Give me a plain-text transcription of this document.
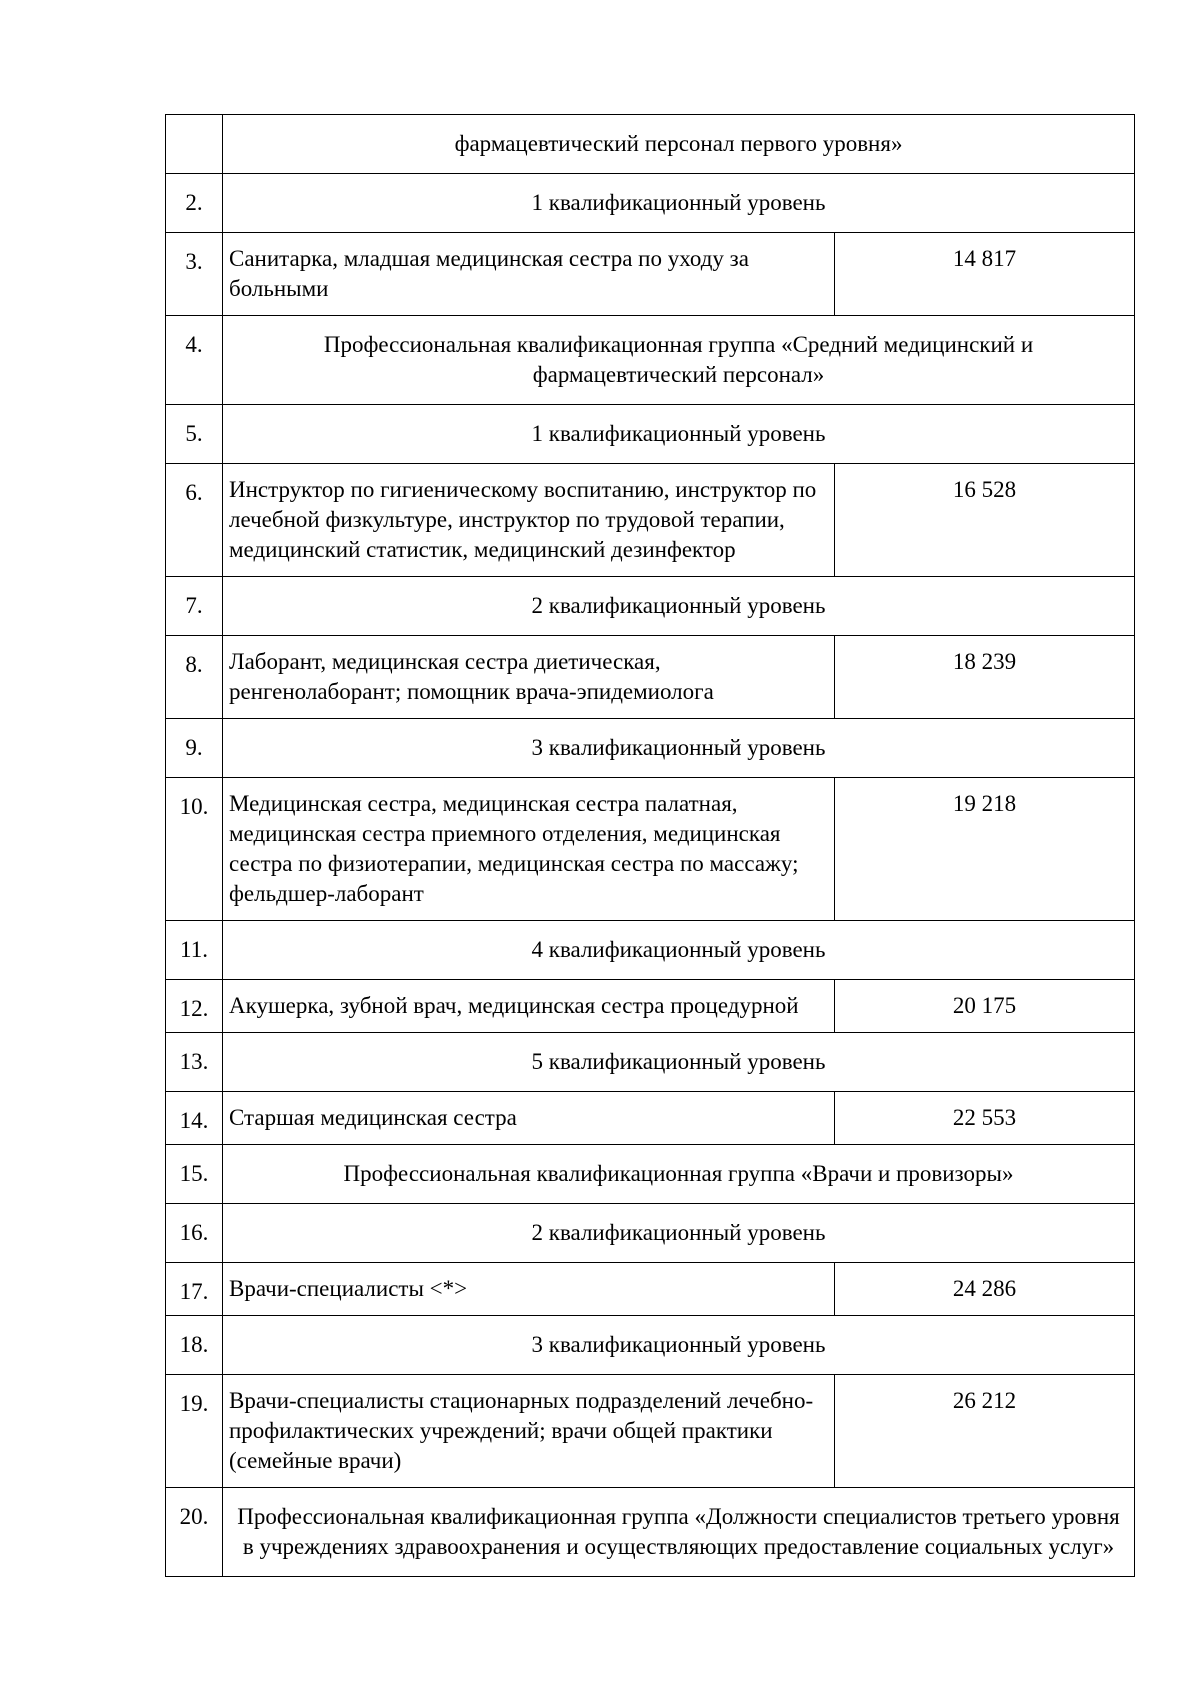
	фармацевтический персонал первого уровня»	
2.	1 квалификационный уровень	
3.	Санитарка, младшая медицинская сестра по уходу за больными	14 817
4.	Профессиональная квалификационная группа «Средний медицинский и фармацевтический персонал»	
5.	1 квалификационный уровень	
6.	Инструктор по гигиеническому воспитанию, инструктор по лечебной физкультуре, инструктор по трудовой терапии, медицинский статистик, медицинский дезинфектор	16 528
7.	2 квалификационный уровень	
8.	Лаборант, медицинская сестра диетическая, ренгенолаборант; помощник врача-эпидемиолога	18 239
9.	3 квалификационный уровень	
10.	Медицинская сестра, медицинская сестра палатная, медицинская сестра приемного отделения, медицинская сестра по физиотерапии, медицинская сестра по массажу; фельдшер-лаборант	19 218
11.	4 квалификационный уровень	
12.	Акушерка, зубной врач, медицинская сестра процедурной	20 175
13.	5 квалификационный уровень	
14.	Старшая медицинская сестра	22 553
15.	Профессиональная квалификационная группа «Врачи и провизоры»	
16.	2 квалификационный уровень	
17.	Врачи-специалисты <*>	24 286
18.	3 квалификационный уровень	
19.	Врачи-специалисты стационарных подразделений лечебно-профилактических учреждений; врачи общей практики (семейные врачи)	26 212
20.	Профессиональная квалификационная группа «Должности специалистов третьего уровня в учреждениях здравоохранения и осуществляющих предоставление социальных услуг»	
